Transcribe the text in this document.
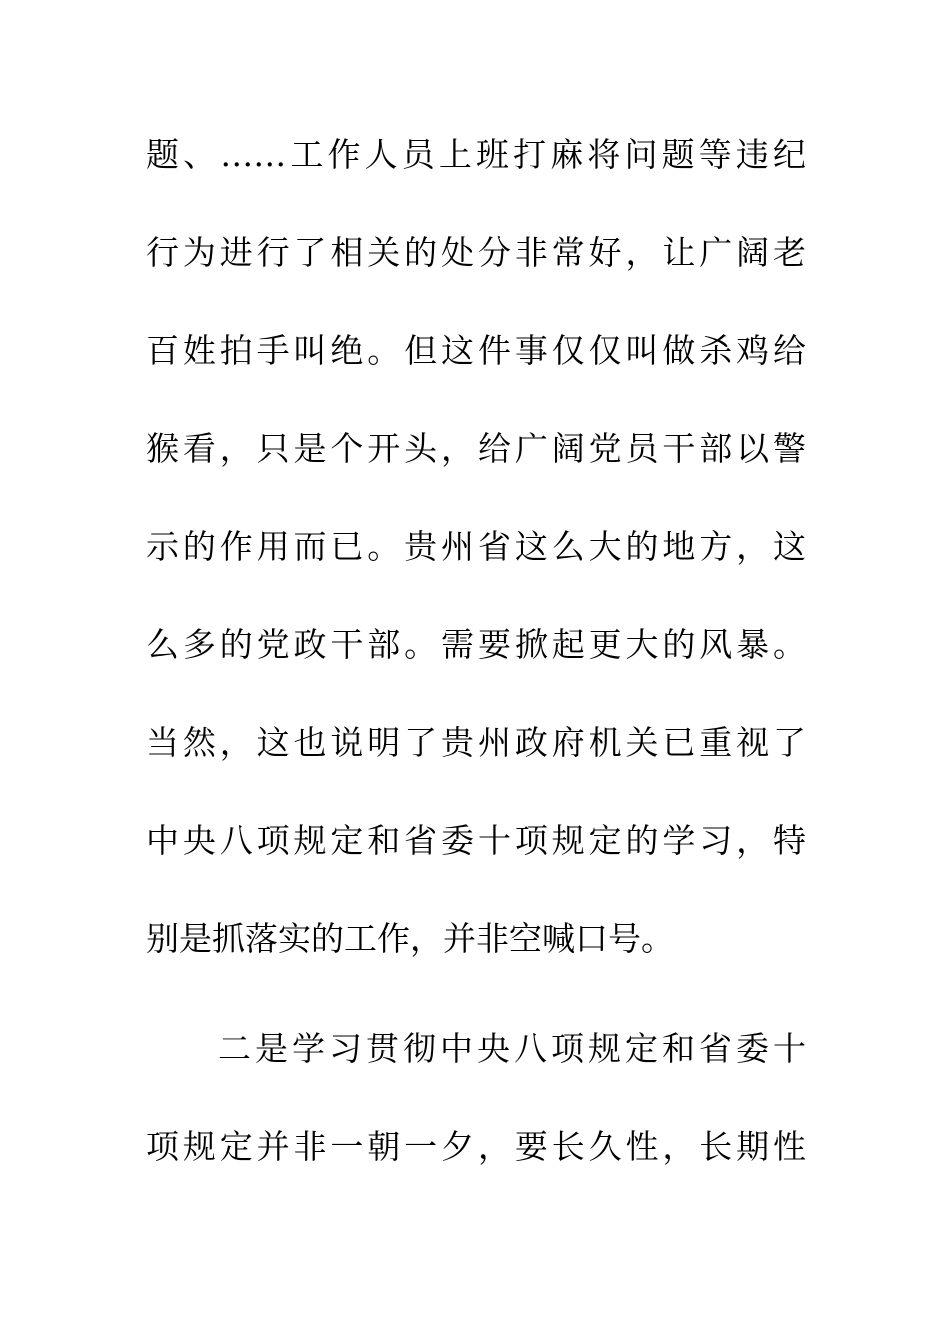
题、……工作人员上班打麻将问题等违纪
行为进行了相关的处分非常好，让广阔老
百姓拍手叫绝。但这件事仅仅叫做杀鸡给
猴看，只是个开头，给广阔党员干部以警
示的作用而已。贵州省这么大的地方，这
么多的党政干部。需要掀起更大的风暴。
当然，这也说明了贵州政府机关已重视了
中央八项规定和省委十项规定的学习，特
别是抓落实的工作，并非空喊口号。
二是学习贯彻中央八项规定和省委十
项规定并非一朝一夕，要长久性，长期性
